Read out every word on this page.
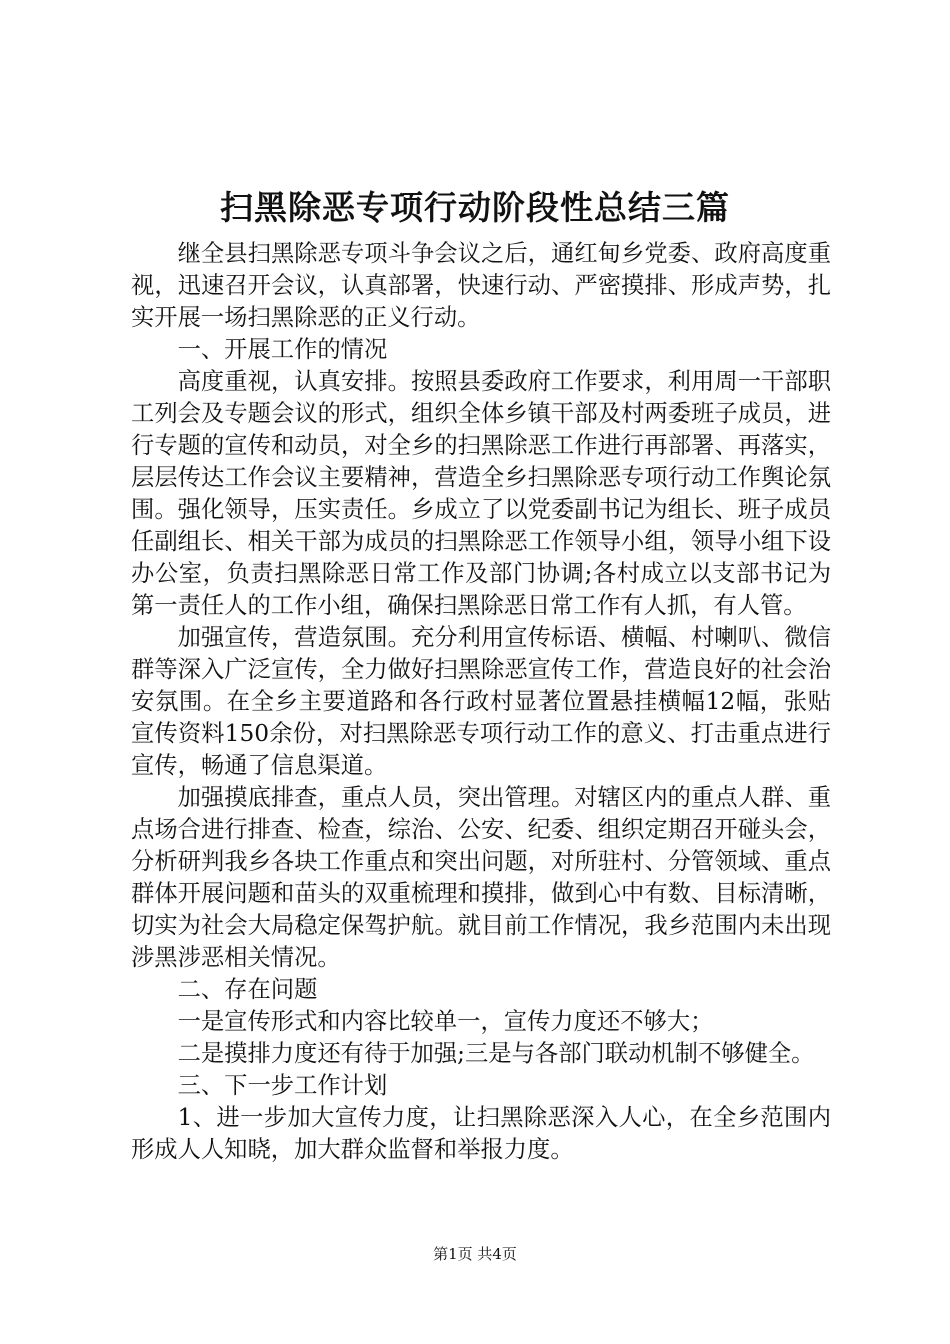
扫黑除恶专项行动阶段性总结三篇

继全县扫黑除恶专项斗争会议之后，通红甸乡党委、政府高度重视，迅速召开会议，认真部署，快速行动、严密摸排、形成声势，扎实开展一场扫黑除恶的正义行动。

一、开展工作的情况

高度重视，认真安排。按照县委政府工作要求，利用周一干部职工列会及专题会议的形式，组织全体乡镇干部及村两委班子成员，进行专题的宣传和动员，对全乡的扫黑除恶工作进行再部署、再落实，层层传达工作会议主要精神，营造全乡扫黑除恶专项行动工作舆论氛围。强化领导，压实责任。乡成立了以党委副书记为组长、班子成员任副组长、相关干部为成员的扫黑除恶工作领导小组，领导小组下设办公室，负责扫黑除恶日常工作及部门协调;各村成立以支部书记为第一责任人的工作小组，确保扫黑除恶日常工作有人抓，有人管。

加强宣传，营造氛围。充分利用宣传标语、横幅、村喇叭、微信群等深入广泛宣传，全力做好扫黑除恶宣传工作，营造良好的社会治安氛围。在全乡主要道路和各行政村显著位置悬挂横幅12幅，张贴宣传资料150余份，对扫黑除恶专项行动工作的意义、打击重点进行宣传，畅通了信息渠道。

加强摸底排查，重点人员，突出管理。对辖区内的重点人群、重点场合进行排查、检查，综治、公安、纪委、组织定期召开碰头会，分析研判我乡各块工作重点和突出问题，对所驻村、分管领域、重点群体开展问题和苗头的双重梳理和摸排，做到心中有数、目标清晰，切实为社会大局稳定保驾护航。就目前工作情况，我乡范围内未出现涉黑涉恶相关情况。

二、存在问题

一是宣传形式和内容比较单一，宣传力度还不够大；

二是摸排力度还有待于加强;三是与各部门联动机制不够健全。

三、下一步工作计划

1、进一步加大宣传力度，让扫黑除恶深入人心，在全乡范围内形成人人知晓，加大群众监督和举报力度。

第1页 共4页
